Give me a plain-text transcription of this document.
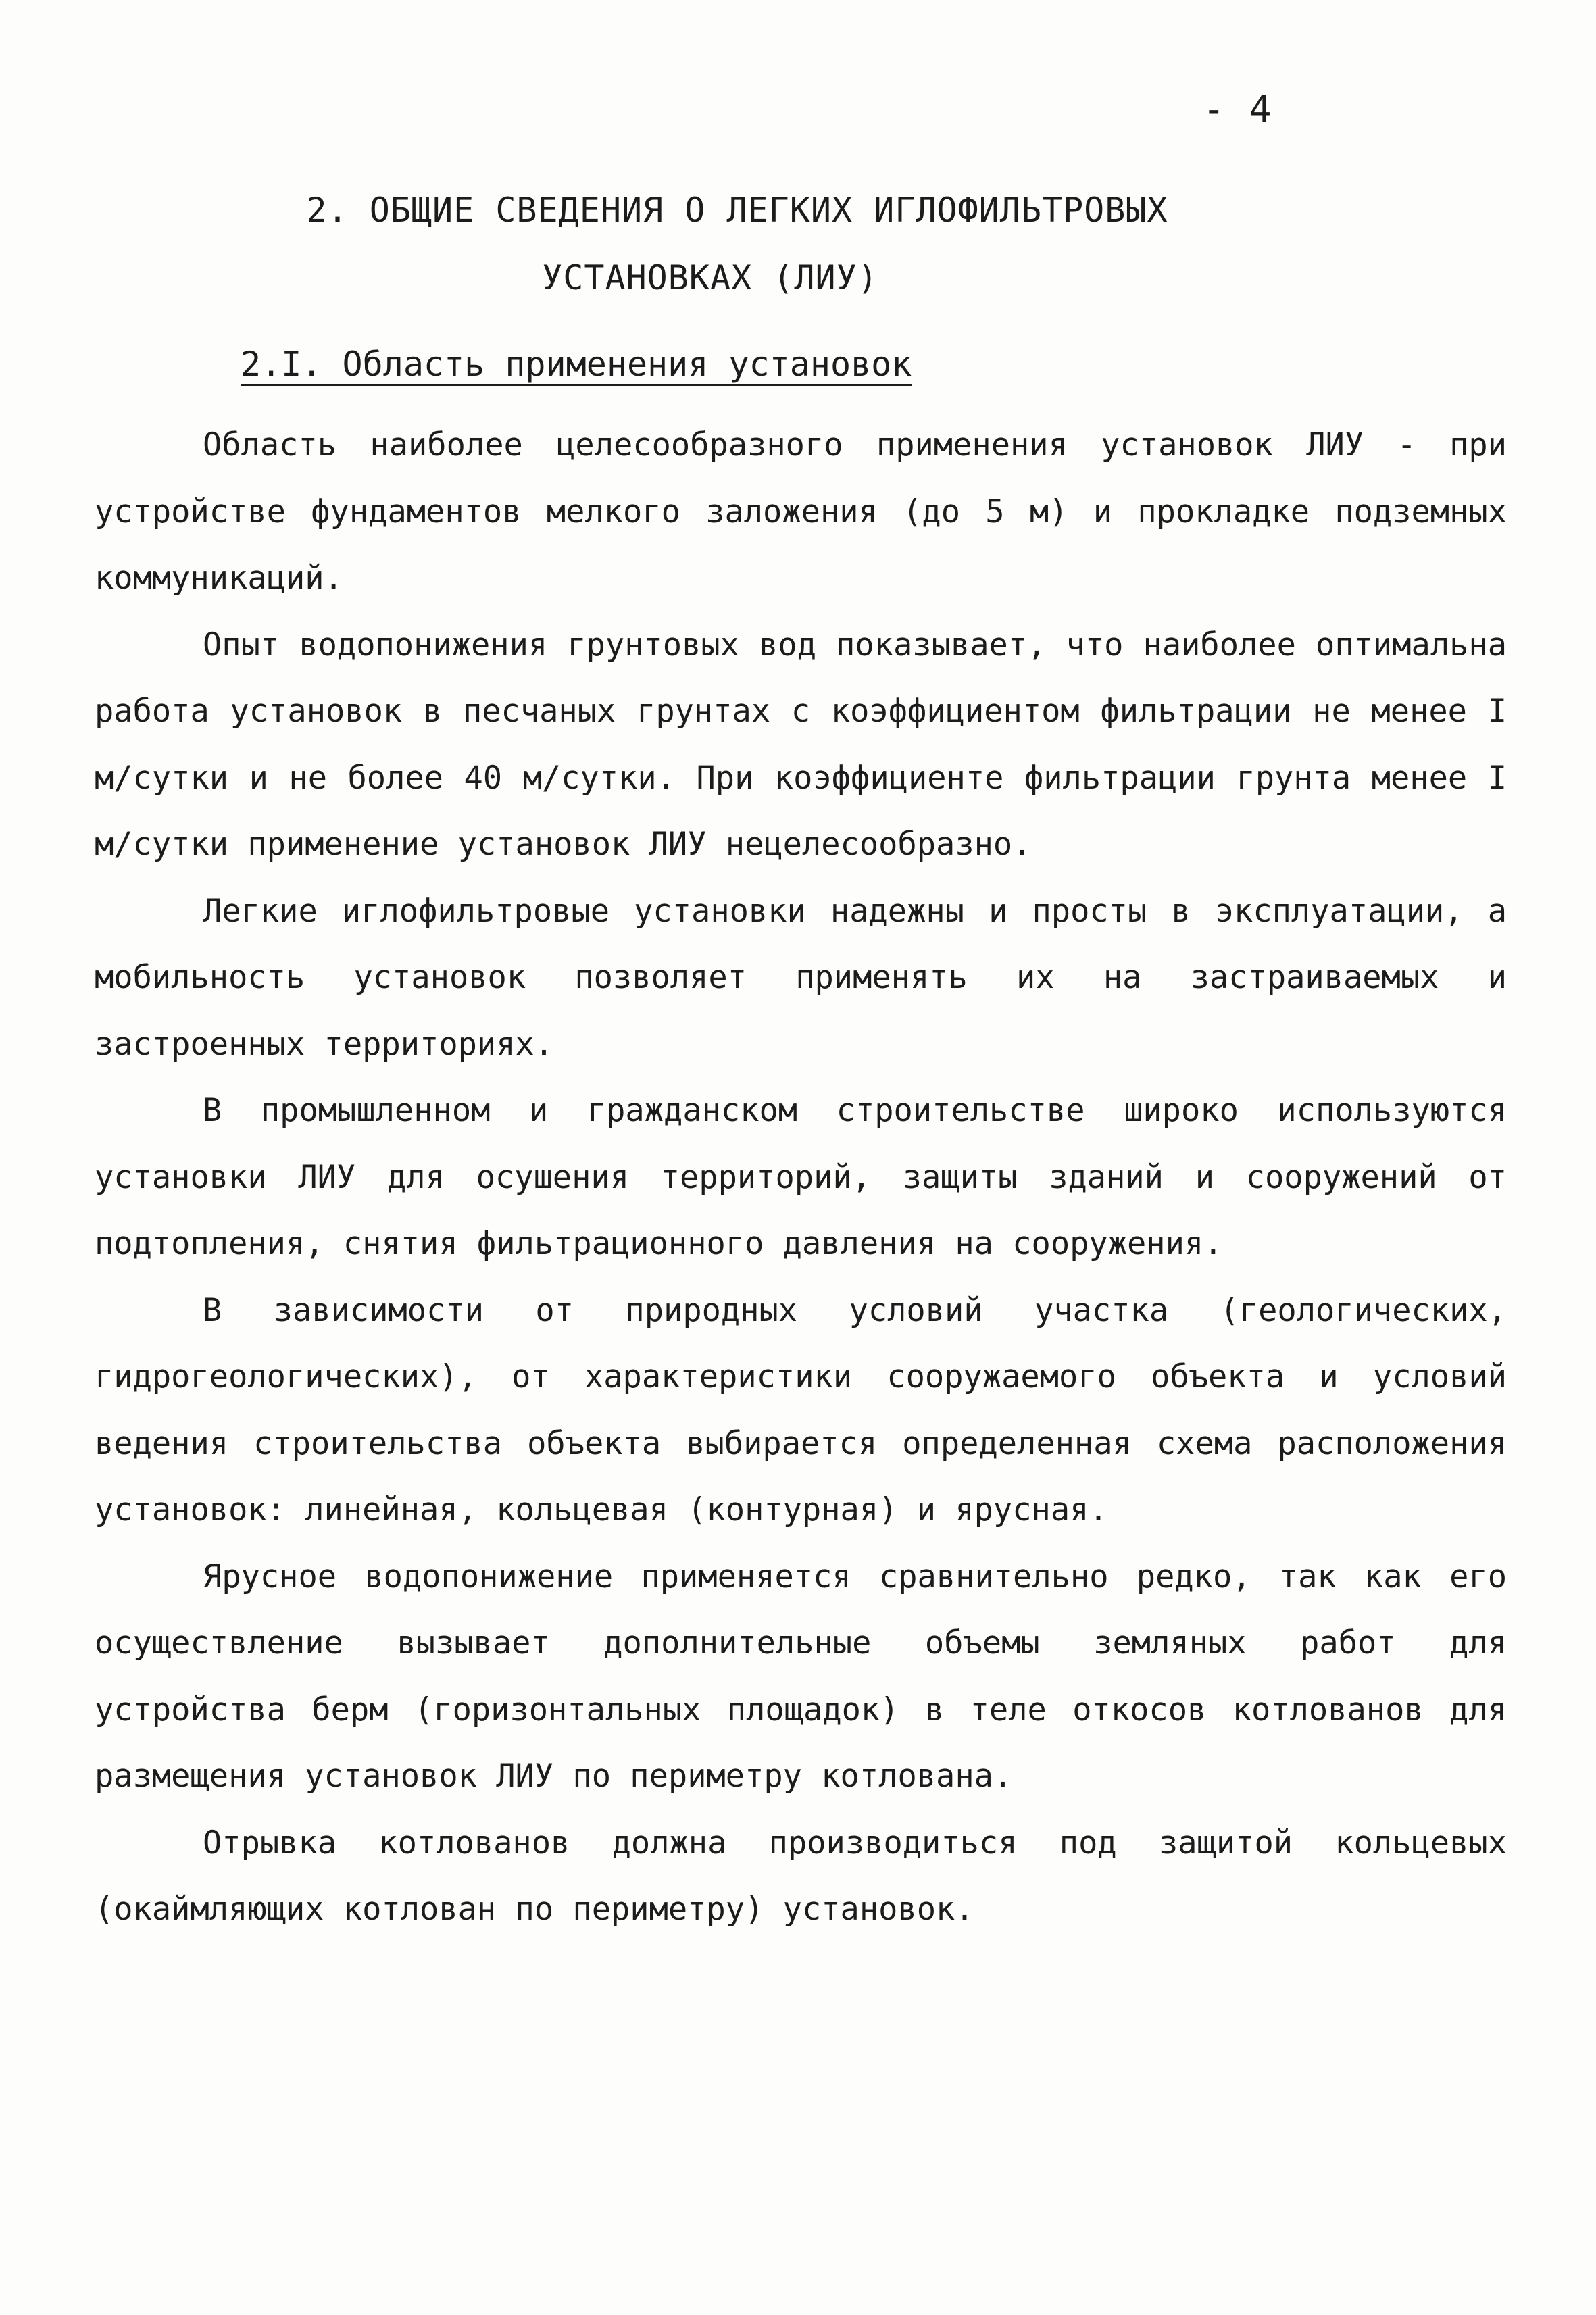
- 4
2. ОБЩИЕ СВЕДЕНИЯ О ЛЕГКИХ ИГЛОФИЛЬТРОВЫХ
УСТАНОВКАХ (ЛИУ)
2.I. Область применения установок

Область наиболее целесообразного применения установок ЛИУ - при устройстве фундаментов мелкого заложения (до 5 м) и прокладке подземных коммуникаций.

Опыт водопонижения грунтовых вод показывает, что наиболее оптимальна работа установок в песчаных грунтах с коэффициентом фильтрации не менее I м/сутки и не более 40 м/сутки. При коэффициенте фильтрации грунта менее I м/сутки применение установок ЛИУ нецелесообразно.

Легкие иглофильтровые установки надежны и просты в эксплуатации, а мобильность установок позволяет применять их на застраиваемых и застроенных территориях.

В промышленном и гражданском строительстве широко используются установки ЛИУ для осушения территорий, защиты зданий и сооружений от подтопления, снятия фильтрационного давления на сооружения.

В зависимости от природных условий участка (геологических, гидрогеологических), от характеристики сооружаемого объекта и условий ведения строительства объекта выбирается определенная схема расположения установок: линейная, кольцевая (контурная) и ярусная.

Ярусное водопонижение применяется сравнительно редко, так как его осуществление вызывает дополнительные объемы земляных работ для устройства берм (горизонтальных площадок) в теле откосов котлованов для размещения установок ЛИУ по периметру котлована.

Отрывка котлованов должна производиться под защитой кольцевых (окаймляющих котлован по периметру) установок.
